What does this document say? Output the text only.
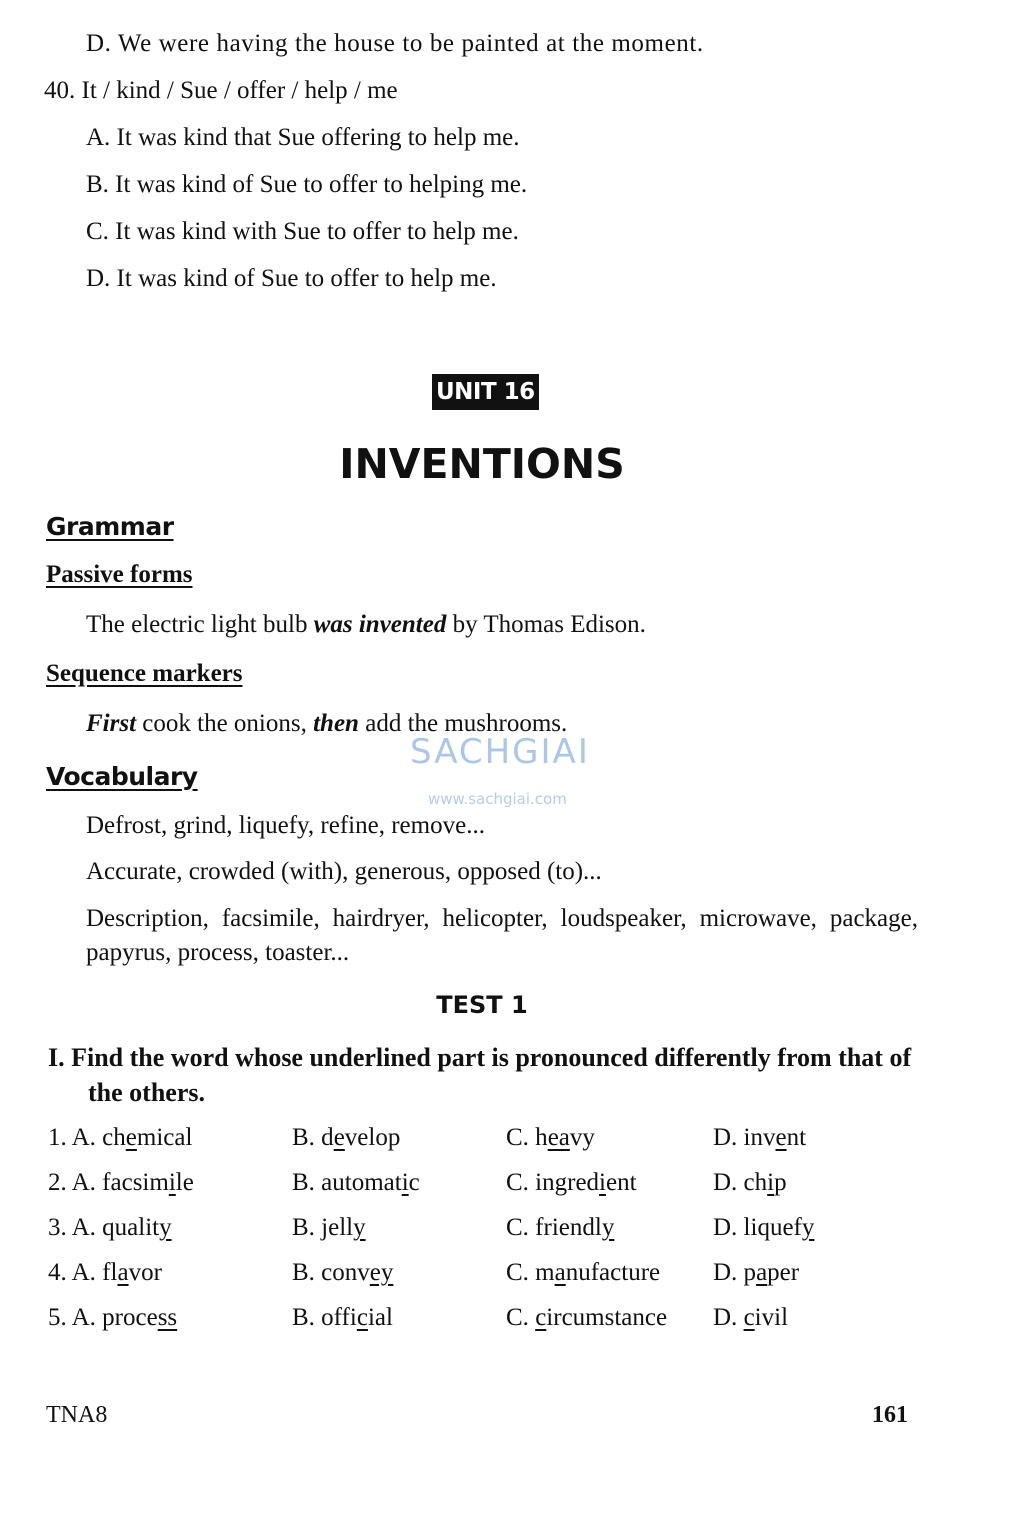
D. We were having the house to be painted at the moment.
40. It / kind / Sue / offer / help / me
A. It was kind that Sue offering to help me.
B. It was kind of Sue to offer to helping me.
C. It was kind with Sue to offer to help me.
D. It was kind of Sue to offer to help me.
UNIT 16
INVENTIONS
Grammar
Passive forms
The electric light bulb was invented by Thomas Edison.
Sequence markers
First cook the onions, then add the mushrooms.
Vocabulary
Defrost, grind, liquefy, refine, remove...
Accurate, crowded (with), generous, opposed (to)...
Description, facsimile, hairdryer, helicopter, loudspeaker, microwave, package, papyrus, process, toaster...
TEST 1
I. Find the word whose underlined part is pronounced differently from that of the others.
1. A. chemical	B. develop	C. heavy	D. invent
2. A. facsimile	B. automatic	C. ingredient	D. chip
3. A. quality	B. jelly	C. friendly	D. liquefy
4. A. flavor	B. convey	C. manufacture D. paper
5. A. process	B. official	C. circumstance D. civil
SACHGIAI
www.sachgiai.com
TNA8	161
